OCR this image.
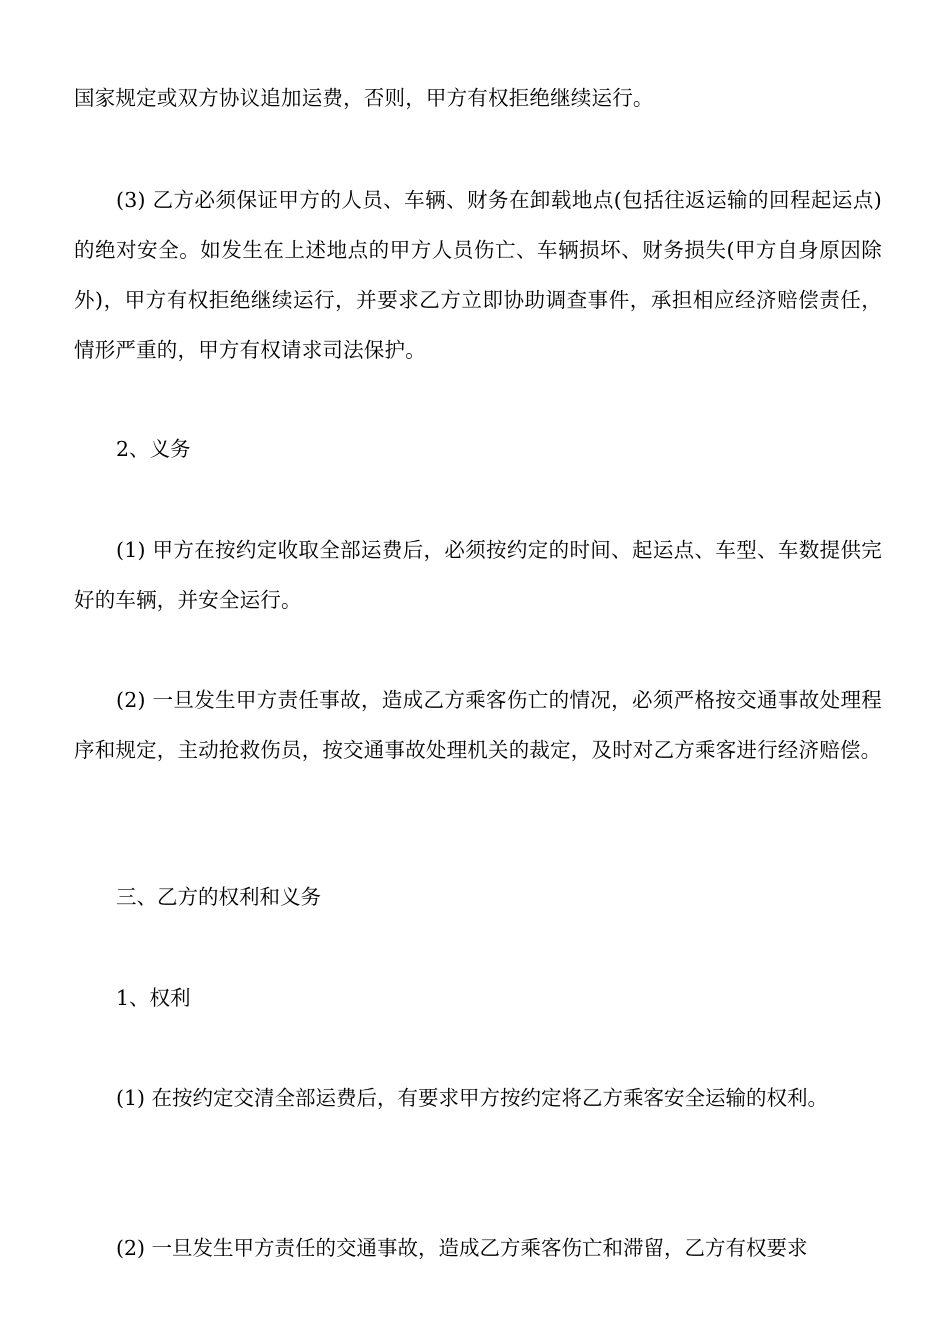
国家规定或双方协议追加运费，否则，甲方有权拒绝继续运行。

(3) 乙方必须保证甲方的人员、车辆、财务在卸载地点(包括往返运输的回程起运点)的绝对安全。如发生在上述地点的甲方人员伤亡、车辆损坏、财务损失(甲方自身原因除外)，甲方有权拒绝继续运行，并要求乙方立即协助调查事件，承担相应经济赔偿责任，情形严重的，甲方有权请求司法保护。

2、义务

(1) 甲方在按约定收取全部运费后，必须按约定的时间、起运点、车型、车数提供完好的车辆，并安全运行。

(2) 一旦发生甲方责任事故，造成乙方乘客伤亡的情况，必须严格按交通事故处理程序和规定，主动抢救伤员，按交通事故处理机关的裁定，及时对乙方乘客进行经济赔偿。

三、乙方的权利和义务

1、权利

(1) 在按约定交清全部运费后，有要求甲方按约定将乙方乘客安全运输的权利。

(2) 一旦发生甲方责任的交通事故，造成乙方乘客伤亡和滞留，乙方有权要求
